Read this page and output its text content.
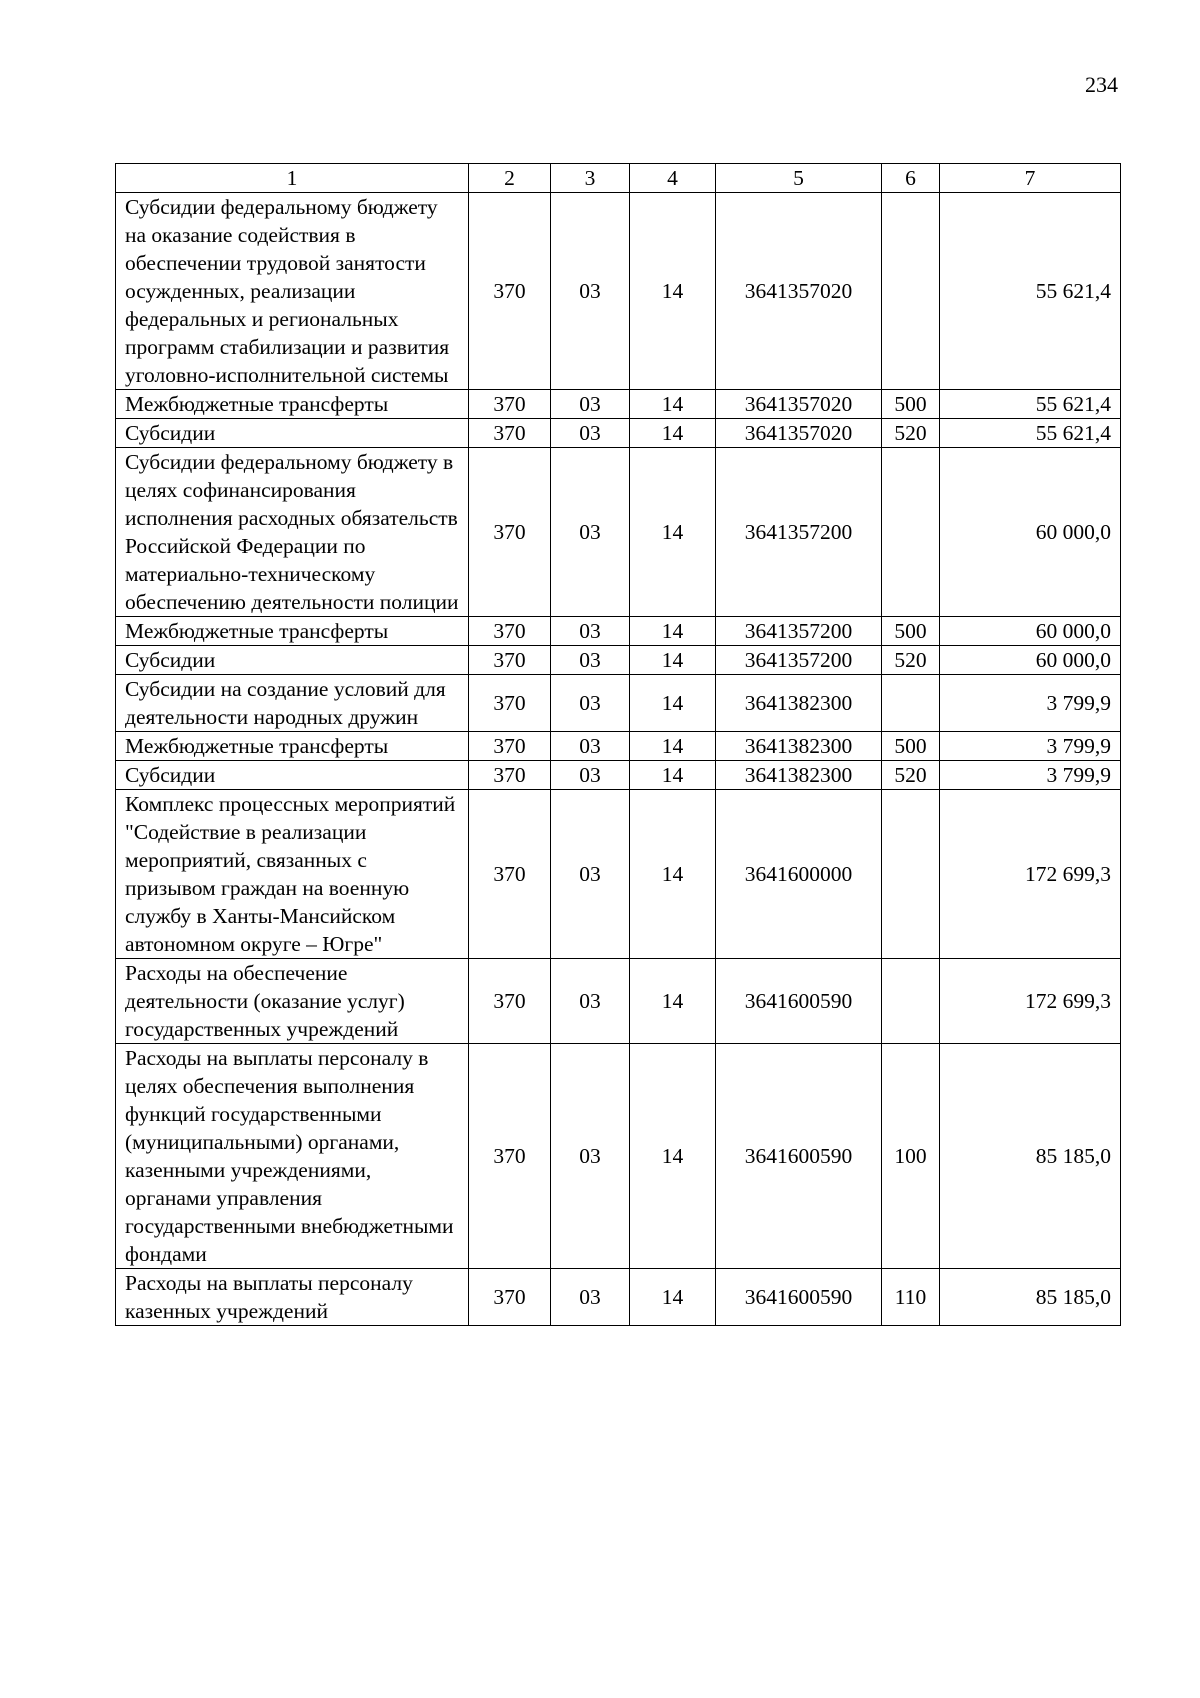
234
1	2	3	4	5	6	7
Субсидии федеральному бюджету на оказание содействия в обеспечении трудовой занятости осужденных, реализации федеральных и региональных программ стабилизации и развития уголовно-исполнительной системы	370	03	14	3641357020		55 621,4
Межбюджетные трансферты	370	03	14	3641357020	500	55 621,4
Субсидии	370	03	14	3641357020	520	55 621,4
Субсидии федеральному бюджету в целях софинансирования исполнения расходных обязательств Российской Федерации по материально-техническому обеспечению деятельности полиции	370	03	14	3641357200		60 000,0
Межбюджетные трансферты	370	03	14	3641357200	500	60 000,0
Субсидии	370	03	14	3641357200	520	60 000,0
Субсидии на создание условий для деятельности народных дружин	370	03	14	3641382300		3 799,9
Межбюджетные трансферты	370	03	14	3641382300	500	3 799,9
Субсидии	370	03	14	3641382300	520	3 799,9
Комплекс процессных мероприятий "Содействие в реализации мероприятий, связанных с призывом граждан на военную службу в Ханты-Мансийском автономном округе – Югре"	370	03	14	3641600000		172 699,3
Расходы на обеспечение деятельности (оказание услуг) государственных учреждений	370	03	14	3641600590		172 699,3
Расходы на выплаты персоналу в целях обеспечения выполнения функций государственными (муниципальными) органами, казенными учреждениями, органами управления государственными внебюджетными фондами	370	03	14	3641600590	100	85 185,0
Расходы на выплаты персоналу казенных учреждений	370	03	14	3641600590	110	85 185,0
